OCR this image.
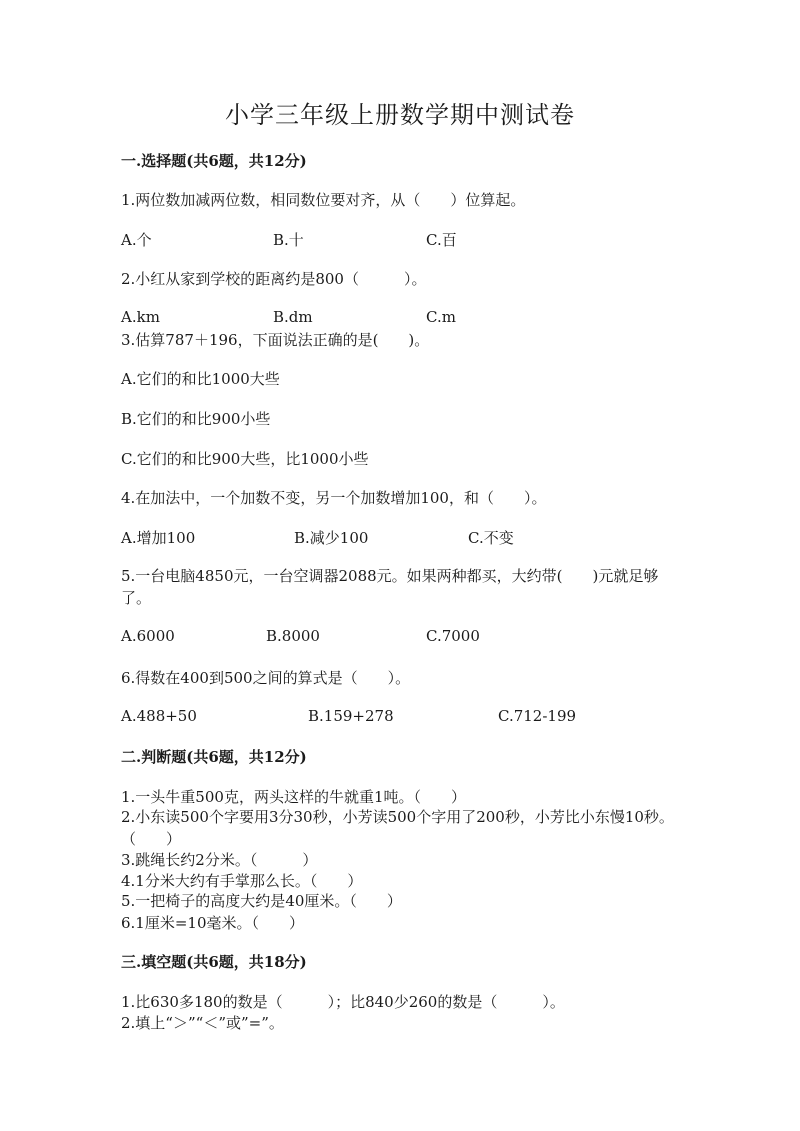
小学三年级上册数学期中测试卷
一.选择题(共6题，共12分)
1.两位数加减两位数，相同数位要对齐，从（　　）位算起。
A.个	B.十	C.百
2.小红从家到学校的距离约是800（　　　）。
A.km	B.dm	C.m
3.估算787＋196，下面说法正确的是(　　)。
A.它们的和比1000大些
B.它们的和比900小些
C.它们的和比900大些，比1000小些
4.在加法中，一个加数不变，另一个加数增加100，和（　　）。
A.增加100	B.减少100	C.不变
5.一台电脑4850元，一台空调器2088元。如果两种都买，大约带(　　)元就足够了。
A.6000	B.8000	C.7000
6.得数在400到500之间的算式是（　　）。
A.488+50	B.159+278	C.712-199
二.判断题(共6题，共12分)
1.一头牛重500克，两头这样的牛就重1吨。（　　）
2.小东读500个字要用3分30秒，小芳读500个字用了200秒，小芳比小东慢10秒。（　　）
3.跳绳长约2分米。（　　　）
4.1分米大约有手掌那么长。（　　）
5.一把椅子的高度大约是40厘米。（　　）
6.1厘米=10毫米。（　　）
三.填空题(共6题，共18分)
1.比630多180的数是（　　　）；比840少260的数是（　　　）。
2.填上“＞”“＜”或”=”。
